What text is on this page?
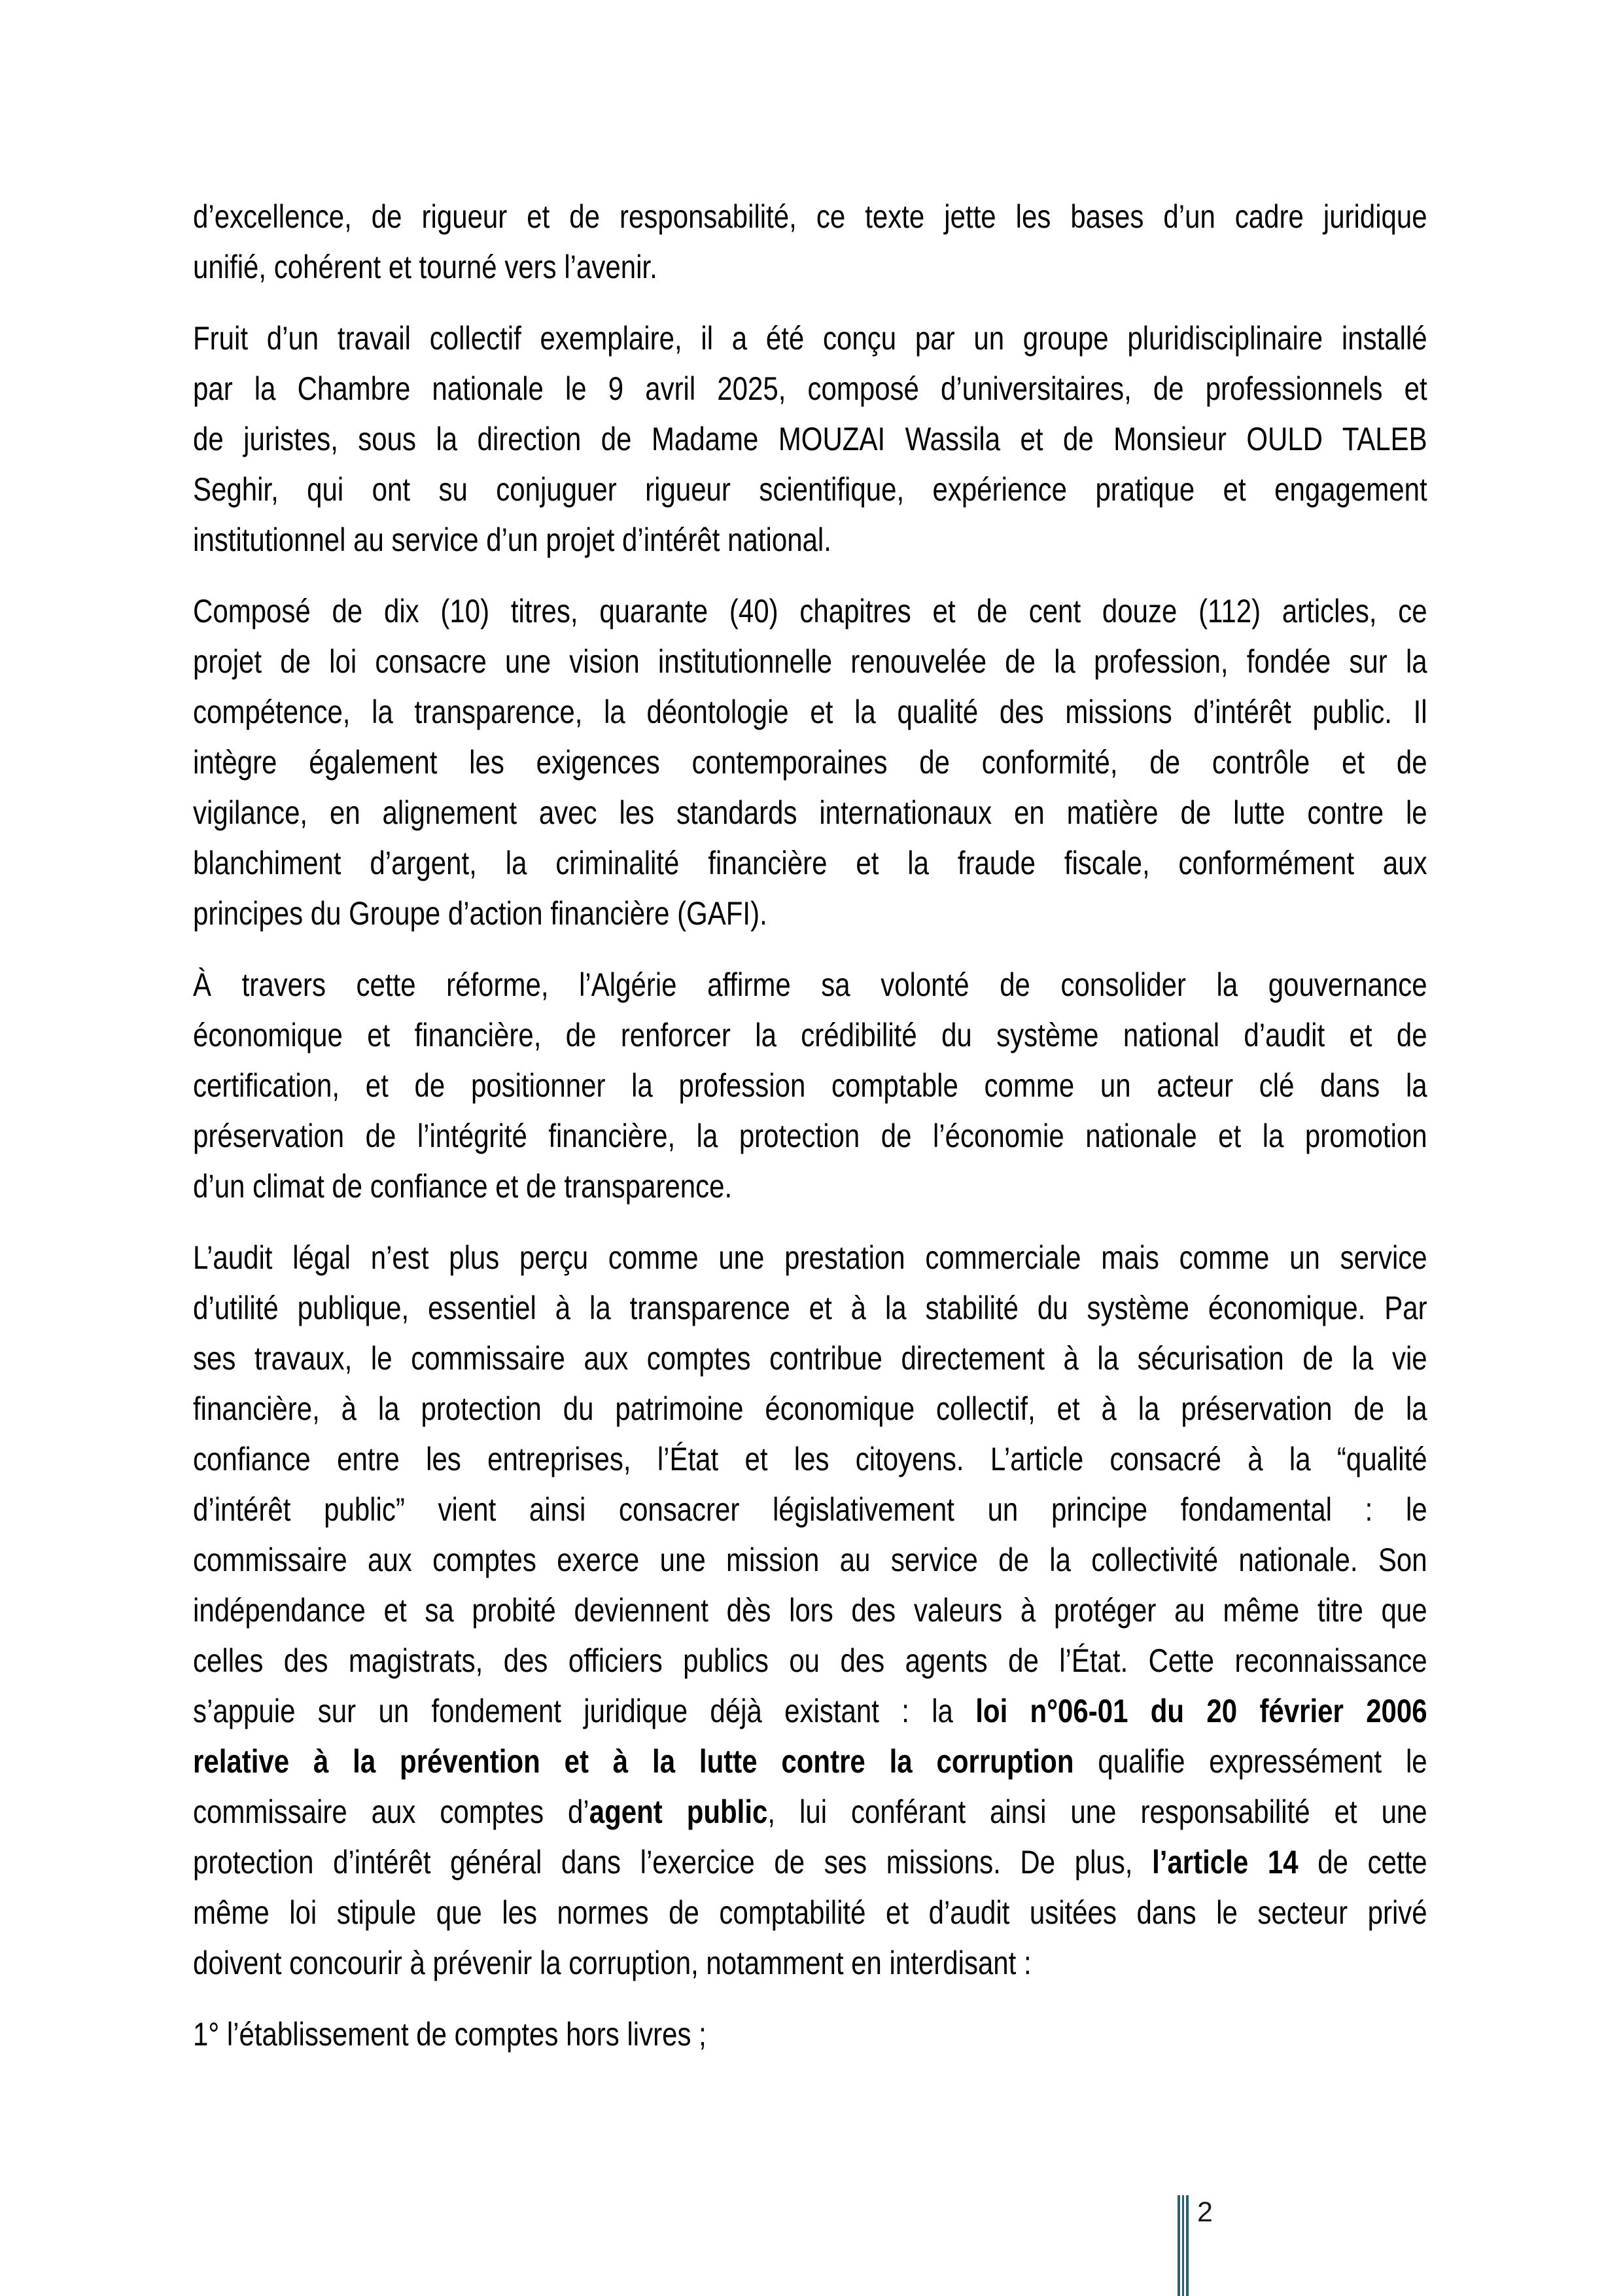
d’excellence, de rigueur et de responsabilité, ce texte jette les bases d’un cadre juridique
unifié, cohérent et tourné vers l’avenir.
Fruit d’un travail collectif exemplaire, il a été conçu par un groupe pluridisciplinaire installé
par la Chambre nationale le 9 avril 2025, composé d’universitaires, de professionnels et
de juristes, sous la direction de Madame MOUZAI Wassila et de Monsieur OULD TALEB
Seghir, qui ont su conjuguer rigueur scientifique, expérience pratique et engagement
institutionnel au service d’un projet d’intérêt national.
Composé de dix (10) titres, quarante (40) chapitres et de cent douze (112) articles, ce
projet de loi consacre une vision institutionnelle renouvelée de la profession, fondée sur la
compétence, la transparence, la déontologie et la qualité des missions d’intérêt public. Il
intègre également les exigences contemporaines de conformité, de contrôle et de
vigilance, en alignement avec les standards internationaux en matière de lutte contre le
blanchiment d’argent, la criminalité financière et la fraude fiscale, conformément aux
principes du Groupe d’action financière (GAFI).
À travers cette réforme, l’Algérie affirme sa volonté de consolider la gouvernance
économique et financière, de renforcer la crédibilité du système national d’audit et de
certification, et de positionner la profession comptable comme un acteur clé dans la
préservation de l’intégrité financière, la protection de l’économie nationale et la promotion
d’un climat de confiance et de transparence.
L’audit légal n’est plus perçu comme une prestation commerciale mais comme un service
d’utilité publique, essentiel à la transparence et à la stabilité du système économique. Par
ses travaux, le commissaire aux comptes contribue directement à la sécurisation de la vie
financière, à la protection du patrimoine économique collectif, et à la préservation de la
confiance entre les entreprises, l’État et les citoyens. L’article consacré à la “qualité
d’intérêt public” vient ainsi consacrer législativement un principe fondamental : le
commissaire aux comptes exerce une mission au service de la collectivité nationale. Son
indépendance et sa probité deviennent dès lors des valeurs à protéger au même titre que
celles des magistrats, des officiers publics ou des agents de l’État. Cette reconnaissance
s’appuie sur un fondement juridique déjà existant : la loi n°06-01 du 20 février 2006
relative à la prévention et à la lutte contre la corruption qualifie expressément le
commissaire aux comptes d’agent public, lui conférant ainsi une responsabilité et une
protection d’intérêt général dans l’exercice de ses missions. De plus, l’article 14 de cette
même loi stipule que les normes de comptabilité et d’audit usitées dans le secteur privé
doivent concourir à prévenir la corruption, notamment en interdisant :
1° l’établissement de comptes hors livres ;
2
